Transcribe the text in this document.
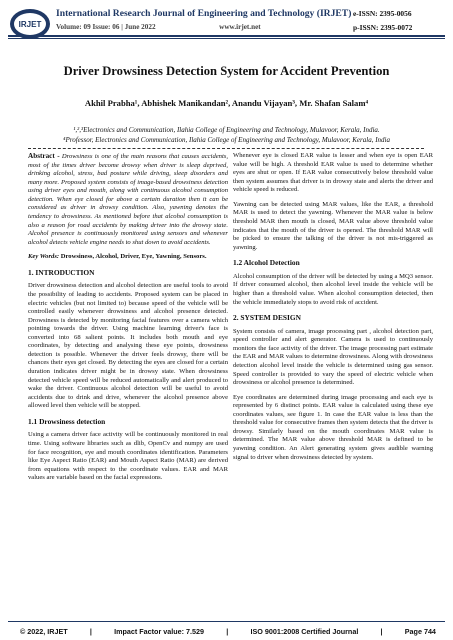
IRJET
International Research Journal of Engineering and Technology (IRJET)
Volume: 09 Issue: 06 | June 2022	www.irjet.net
e-ISSN: 2395-0056
p-ISSN: 2395-0072
Driver Drowsiness Detection System for Accident Prevention
Akhil Prabha¹, Abhishek Manikandan², Anandu Vijayan³, Mr. Shafan Salam⁴
¹,²,³Electronics and Communication, Ilahia College of Engineering and Technology, Mulavoor, Kerala, India.
⁴Professor, Electronics and Communication, Ilahia College of Engineering and Technology, Mulavoor, Kerala, India

Abstract - Drowsiness is one of the main reasons that causes accidents, most of the times driver become drowsy when driver is sleep deprived, drinking alcohol, stress, bad posture while driving, sleep disorders and many more. Proposed system consists of image-based drowsiness detection using driver eyes and mouth, along with continuous alcohol consumption detection. When eye closed for above a certain duration then it can be considered as driver in drowsy condition. Also, yawning denotes the tendency to drowsiness. As mentioned before that alcohol consumption is also a reason for road accidents by making driver into the drowsy state. Alcohol presence is continuously monitored using sensors and whenever alcohol detects vehicle engine needs to shut down to avoid accidents.

Key Words: Drowsiness, Alcohol, Driver, Eye, Yawning, Sensors.

1. INTRODUCTION

Driver drowsiness detection and alcohol detection are useful tools to avoid the possibility of leading to accidents. Proposed system can be placed in electric vehicles (but not limited to) because speed of the vehicle will be controlled easily whenever drowsiness and alcohol presence detected. Drowsiness is detected by monitoring facial features over a camera which pointing towards the driver. Using machine learning driver's face is converted into 68 salient points. It includes both mouth and eye coordinates, by detecting and analysing these eye points, drowsiness detection is possible. Whenever the driver feels drowsy, there will be chances their eyes get closed. By detecting the eyes are closed for a certain duration indicates driver might be in drowsy state. When drowsiness detected vehicle speed will be reduced automatically and alert produced to wake the driver. Continuous alcohol detection will be useful to avoid accidents due to drink and drive, whenever the alcohol presence above allowed level then vehicle will be stopped.

1.1 Drowsiness detection

Using a camera driver face activity will be continuously monitored in real time. Using software libraries such as dlib, OpenCv and numpy are used for face recognition, eye and mouth coordinates identification. Parameters like Eye Aspect Ratio (EAR) and Mouth Aspect Ratio (MAR) are derived from equations with respect to the coordinate values. EAR and MAR values are variable based on the facial expressions.

Whenever eye is closed EAR value is lesser and when eye is open EAR value will be high. A threshold EAR value is used to determine whether eyes are shut or open. If EAR value consecutively below threshold value then system assumes that driver is in drowsy state and alerts the driver and vehicle speed is reduced.

Yawning can be detected using MAR values, like the EAR, a threshold MAR is used to detect the yawning. Whenever the MAR value is below threshold MAR then mouth is closed, MAR value above threshold value indicates that the mouth of the driver is opened. The threshold MAR will be picked to ensure the talking of the driver is not mis-triggered as yawning.

1.2 Alcohol Detection

Alcohol consumption of the driver will be detected by using a MQ3 sensor. If driver consumed alcohol, then alcohol level inside the vehicle will be higher than a threshold value. When alcohol consumption detected, then the vehicle immediately stops to avoid risk of accident.

2. SYSTEM DESIGN

System consists of camera, image processing part , alcohol detection part, speed controller and alert generator. Camera is used to continuously monitors the face activity of the driver. The image processing part estimate the EAR and MAR values to determine drowsiness. Along with drowsiness detection alcohol level inside the vehicle is determined using gas sensor. Speed controller is provided to vary the speed of electric vehicle when drowsiness or alcohol presence is determined.

Eye coordinates are determined during image processing and each eye is represented by 6 distinct points. EAR value is calculated using these eye coordinates values, see figure 1. In case the EAR value is less than the threshold value for consecutive frames then system detects that the driver is drowsy. Similarly based on the mouth coordinates MAR value is determined. The MAR value above threshold MAR is defined to be yawning condition. An Alert generating system gives audible warning signal to driver when drowsiness detected by system.

© 2022, IRJET	|	Impact Factor value: 7.529	|	ISO 9001:2008 Certified Journal	|	Page 744
